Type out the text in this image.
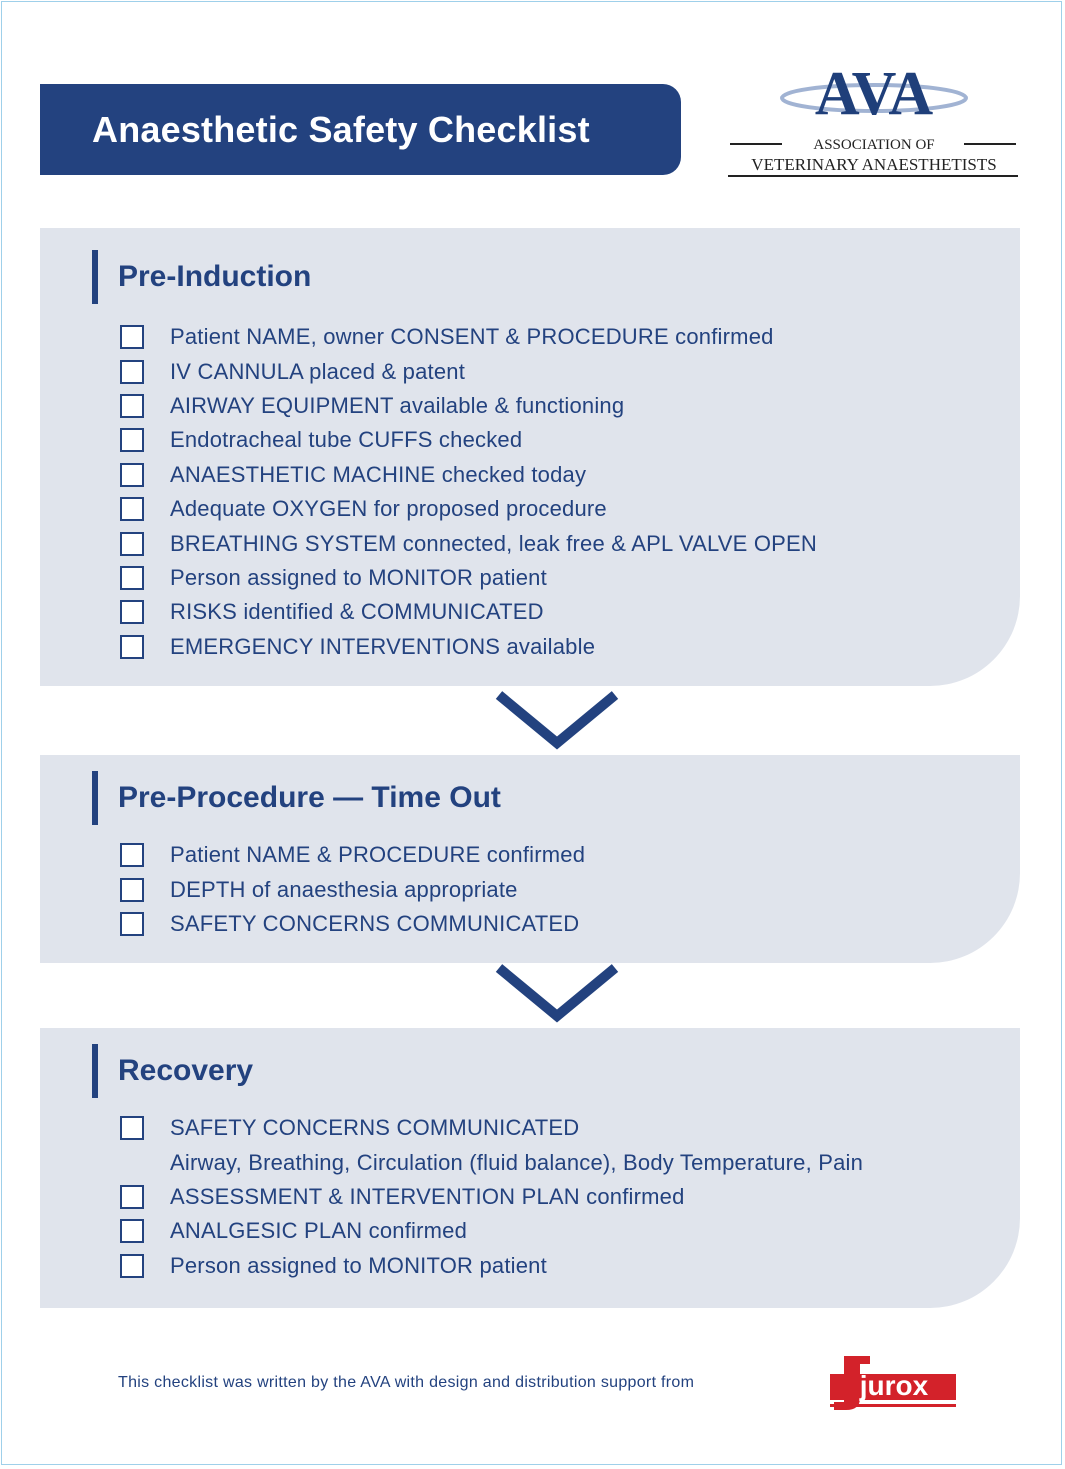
Anaesthetic Safety Checklist
AVA
ASSOCIATION OF
VETERINARY ANAESTHETISTS
Pre-Induction
Patient NAME, owner CONSENT & PROCEDURE confirmed
IV CANNULA placed & patent
AIRWAY EQUIPMENT available & functioning
Endotracheal tube CUFFS checked
ANAESTHETIC MACHINE checked today
Adequate OXYGEN for proposed procedure
BREATHING SYSTEM connected, leak free & APL VALVE OPEN
Person assigned to MONITOR patient
RISKS identified & COMMUNICATED
EMERGENCY INTERVENTIONS available
Pre-Procedure — Time Out
Patient NAME & PROCEDURE confirmed
DEPTH of anaesthesia appropriate
SAFETY CONCERNS COMMUNICATED
Recovery
SAFETY CONCERNS COMMUNICATED
Airway, Breathing, Circulation (fluid balance), Body Temperature, Pain
ASSESSMENT & INTERVENTION PLAN confirmed
ANALGESIC PLAN confirmed
Person assigned to MONITOR patient
This checklist was written by the AVA with design and distribution support from	jurox
